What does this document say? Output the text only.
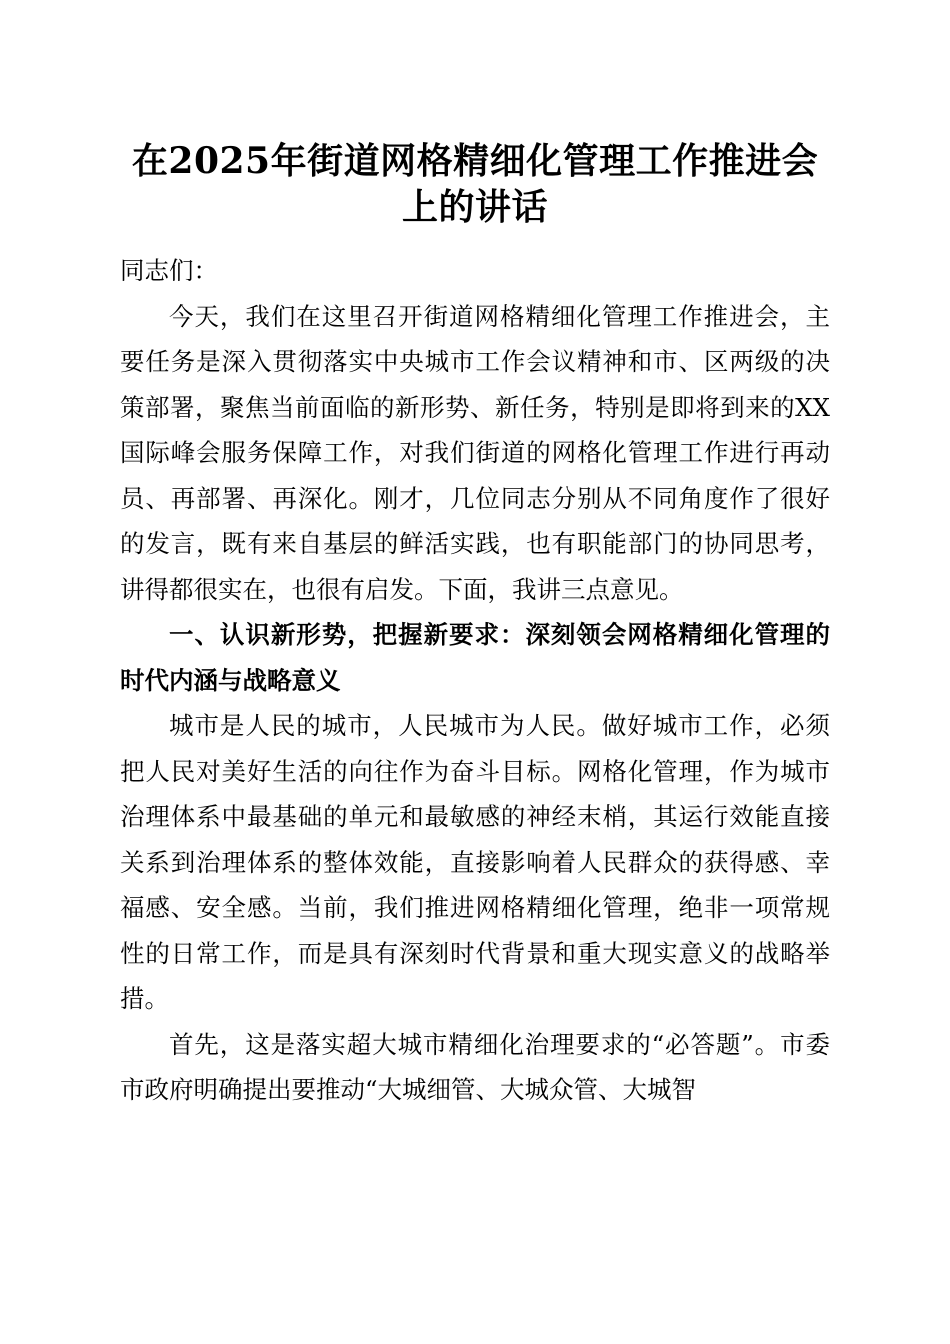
在2025年街道网格精细化管理工作推进会上的讲话

同志们：

今天，我们在这里召开街道网格精细化管理工作推进会，主要任务是深入贯彻落实中央城市工作会议精神和市、区两级的决策部署，聚焦当前面临的新形势、新任务，特别是即将到来的XX国际峰会服务保障工作，对我们街道的网格化管理工作进行再动员、再部署、再深化。刚才，几位同志分别从不同角度作了很好的发言，既有来自基层的鲜活实践，也有职能部门的协同思考，讲得都很实在，也很有启发。下面，我讲三点意见。

一、认识新形势，把握新要求：深刻领会网格精细化管理的时代内涵与战略意义

城市是人民的城市，人民城市为人民。做好城市工作，必须把人民对美好生活的向往作为奋斗目标。网格化管理，作为城市治理体系中最基础的单元和最敏感的神经末梢，其运行效能直接关系到治理体系的整体效能，直接影响着人民群众的获得感、幸福感、安全感。当前，我们推进网格精细化管理，绝非一项常规性的日常工作，而是具有深刻时代背景和重大现实意义的战略举措。

首先，这是落实超大城市精细化治理要求的“必答题”。市委市政府明确提出要推动“大城细管、大城众管、大城智
